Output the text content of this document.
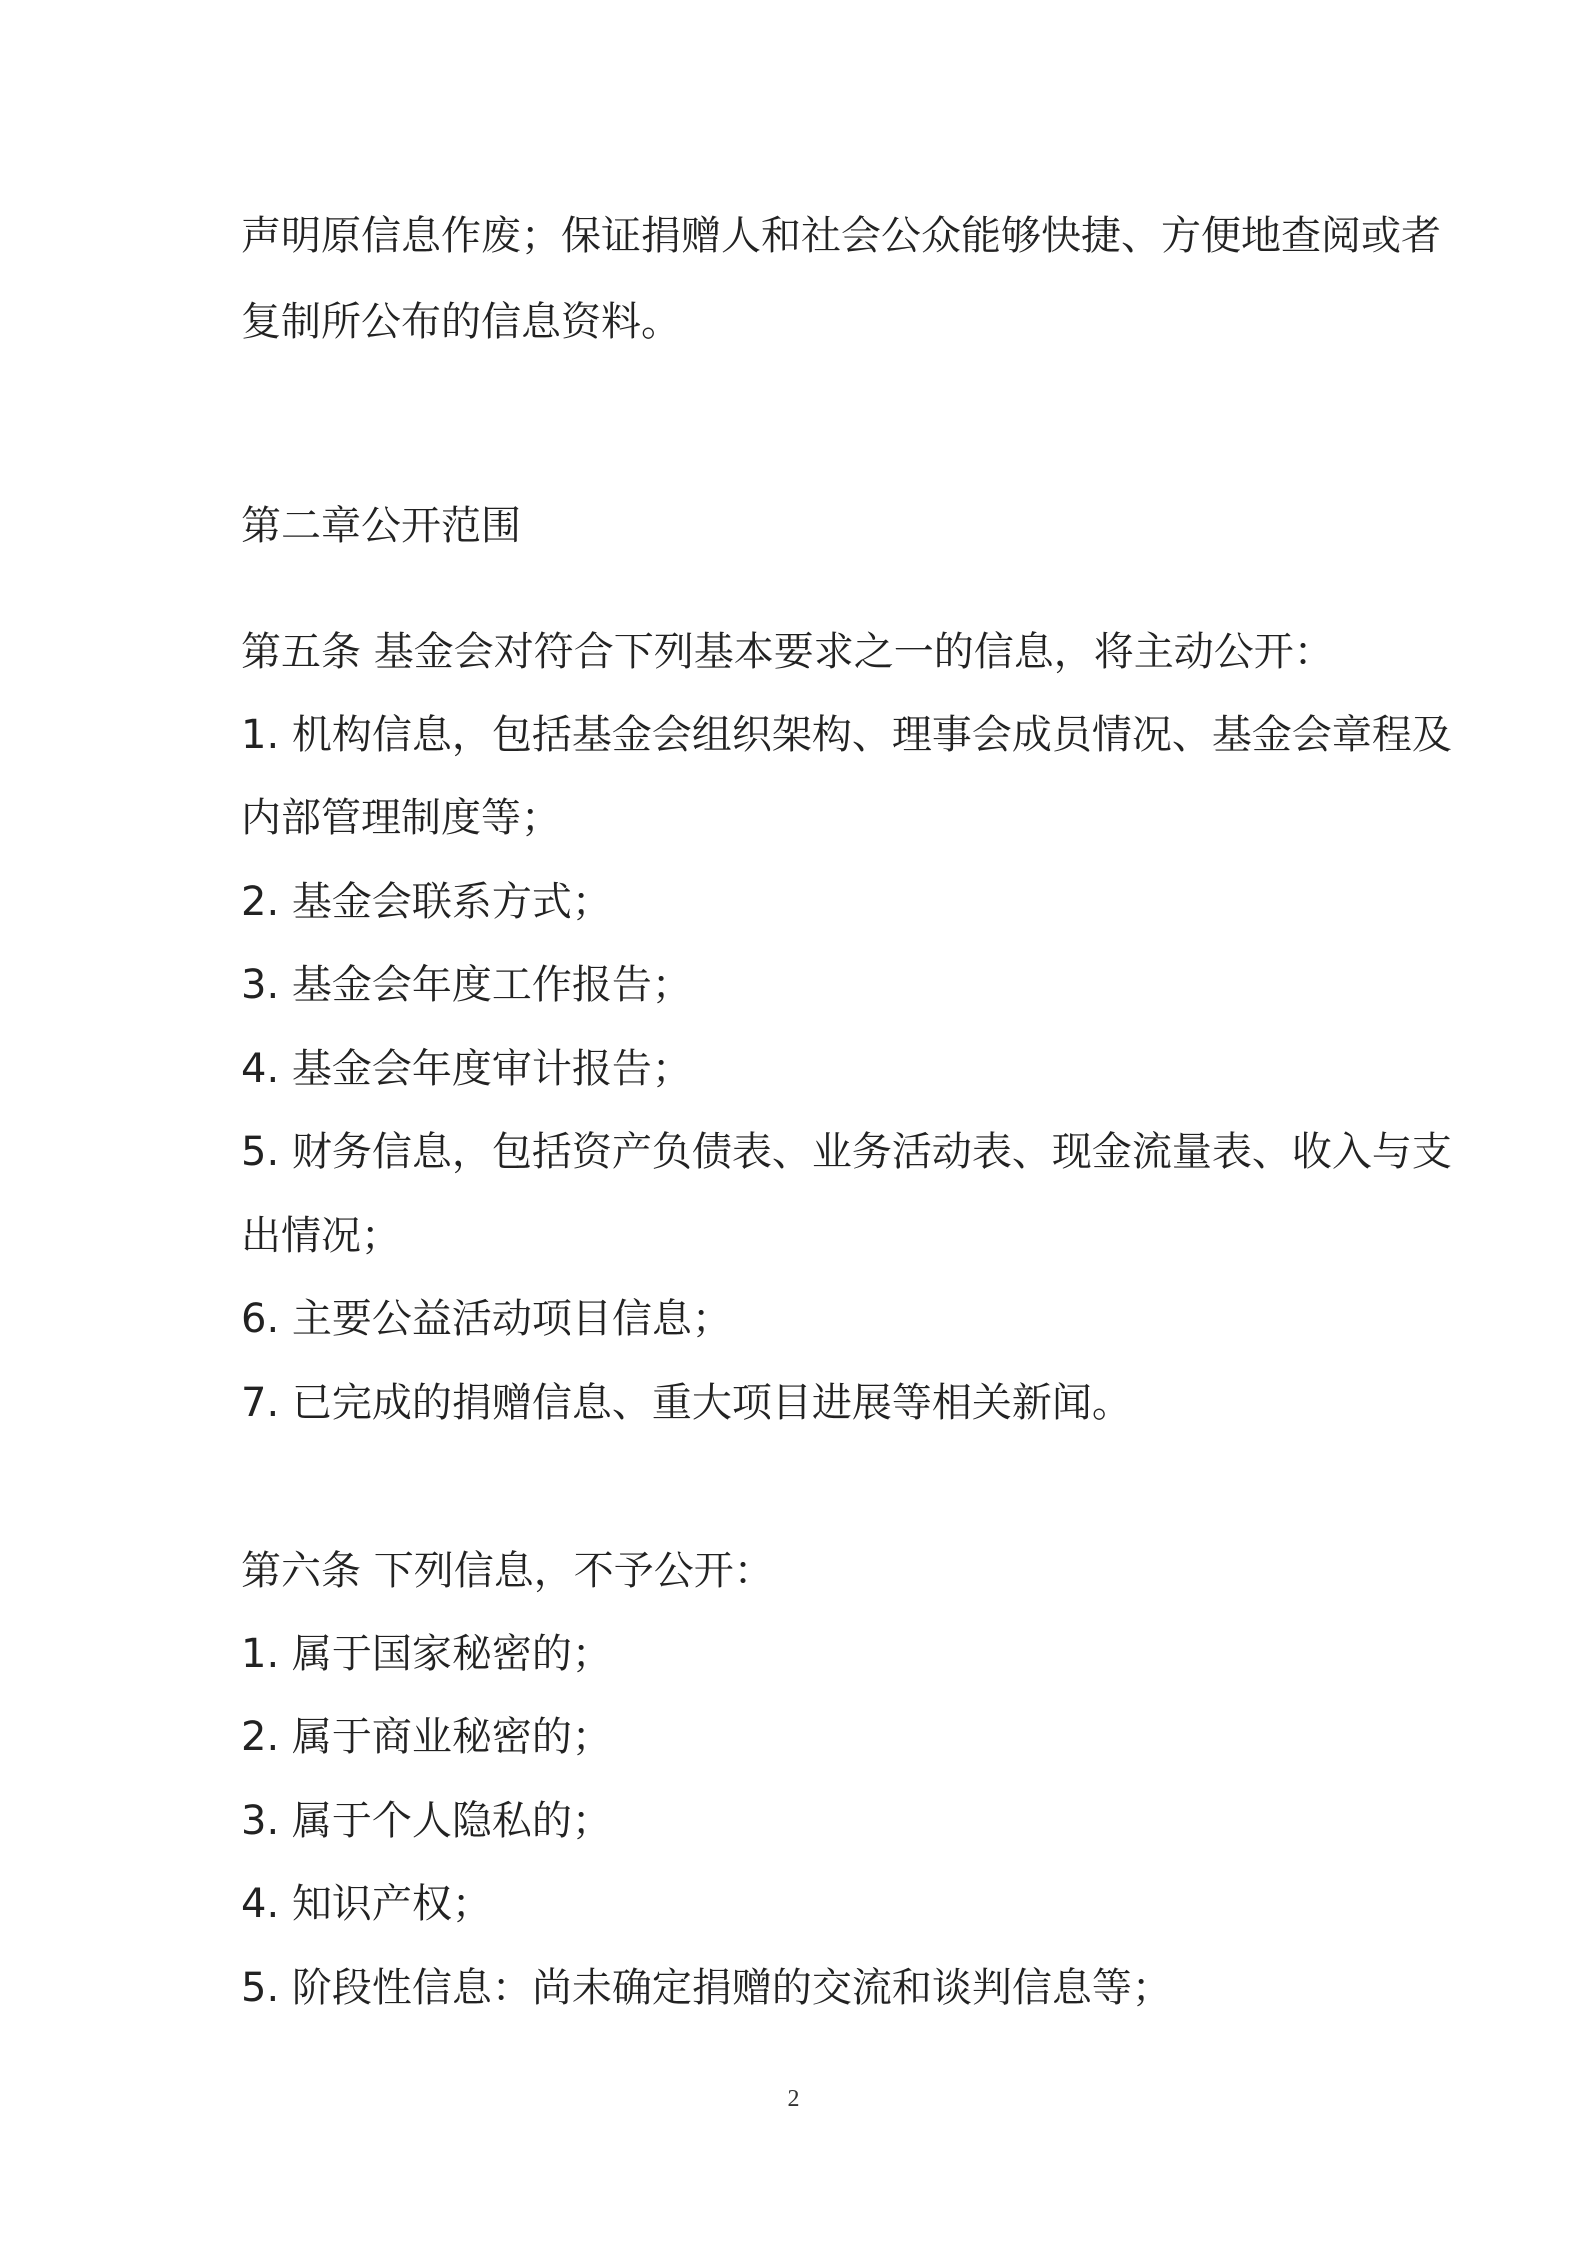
声明原信息作废；保证捐赠人和社会公众能够快捷、方便地查阅或者
复制所公布的信息资料。
第二章公开范围
第五条 基金会对符合下列基本要求之一的信息，将主动公开：
1. 机构信息，包括基金会组织架构、理事会成员情况、基金会章程及
内部管理制度等；
2. 基金会联系方式；
3. 基金会年度工作报告；
4. 基金会年度审计报告；
5. 财务信息，包括资产负债表、业务活动表、现金流量表、收入与支
出情况；
6. 主要公益活动项目信息；
7. 已完成的捐赠信息、重大项目进展等相关新闻。
第六条 下列信息，不予公开：
1. 属于国家秘密的；
2. 属于商业秘密的；
3. 属于个人隐私的；
4. 知识产权；
5. 阶段性信息：尚未确定捐赠的交流和谈判信息等；
2
